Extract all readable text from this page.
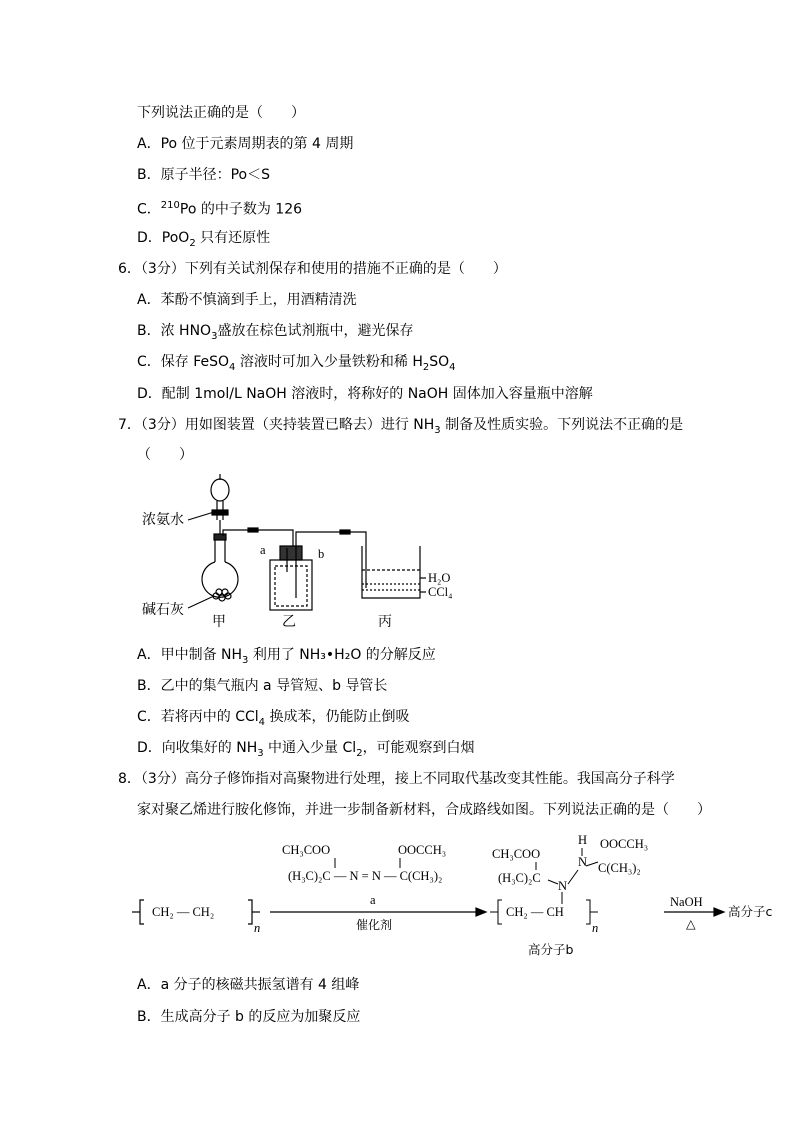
下列说法正确的是（　　）
A．Po 位于元素周期表的第 4 周期
B．原子半径：Po＜S
C．$^{210}$Po 的中子数为 126
D．PoO$_2$ 只有还原性
6．（3分）下列有关试剂保存和使用的措施不正确的是（　　）
A．苯酚不慎滴到手上，用酒精清洗
B．浓 $HNO_3$盛放在棕色试剂瓶中，避光保存
C．保存 FeSO$_4$ 溶液时可加入少量铁粉和稀 $H_2SO_4$
D．配制 1mol/L NaOH 溶液时，将称好的 NaOH 固体加入容量瓶中溶解
7．（3分）用如图装置（夹持装置已略去）进行 $NH_3$ 制备及性质实验。下列说法不正确的是
（　　）
浓氨水
碱石灰
甲	乙	丙
a	b
H₂O
CCl₄
A．甲中制备 $NH_3$ 利用了 NH₃•H₂O 的分解反应
B．乙中的集气瓶内 a 导管短、b 导管长
C．若将丙中的 CCl$_4$ 换成苯，仍能防止倒吸
D．向收集好的 $NH_3$ 中通入少量 $Cl_2$，可能观察到白烟
8．（3分）高分子修饰指对高聚物进行处理，接上不同取代基改变其性能。我国高分子科学
家对聚乙烯进行胺化修饰，并进一步制备新材料，合成路线如图。下列说法正确的是（　　）
CH₂ — CH₂
n
CH₃COO	OOCCH₃
(H₃C)₂C — N = N — C(CH₃)₂
a
催化剂
H OOCCH₃
CH₃COO
N C(CH₃)₂
(H₃C)₂C
N
CH₂ — CH
n
高分子b
NaOH
△
高分子c
A．a 分子的核磁共振氢谱有 4 组峰
B．生成高分子 b 的反应为加聚反应
